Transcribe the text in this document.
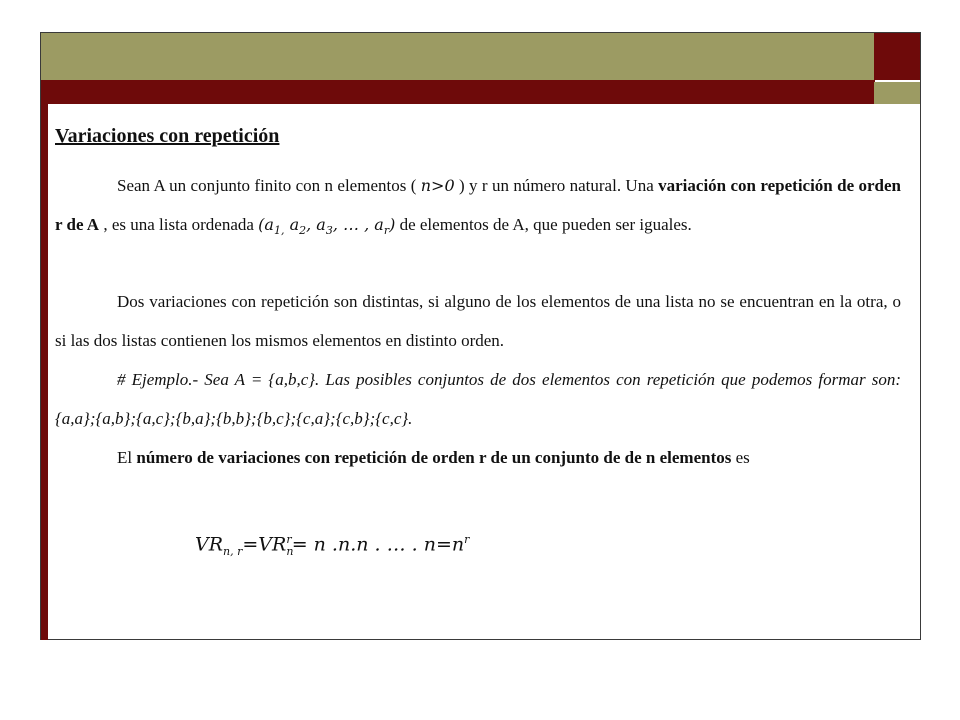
Variaciones con repetición
Sean A un conjunto finito con n elementos ( n>0 ) y r un número natural. Una variación con repetición de orden r de A , es una lista ordenada ($a_{1,}$ $a_2$, $a_3$, … , $a_r$) de elementos de A, que pueden ser iguales.
Dos variaciones con repetición son distintas, si alguno de los elementos de una lista no se encuentran en la otra, o si las dos listas contienen los mismos elementos en distinto orden.
# Ejemplo.- Sea A = {a,b,c}. Las posibles conjuntos de dos elementos con repetición que podemos formar son: {a,a};{a,b};{a,c};{b,a};{b,b};{b,c};{c,a};{c,b};{c,c}.
El número de variaciones con repetición de orden r de un conjunto de de n elementos es
$VR_{n, r}=VR_n^r= n$ .n.n . … . $n=n^r$
